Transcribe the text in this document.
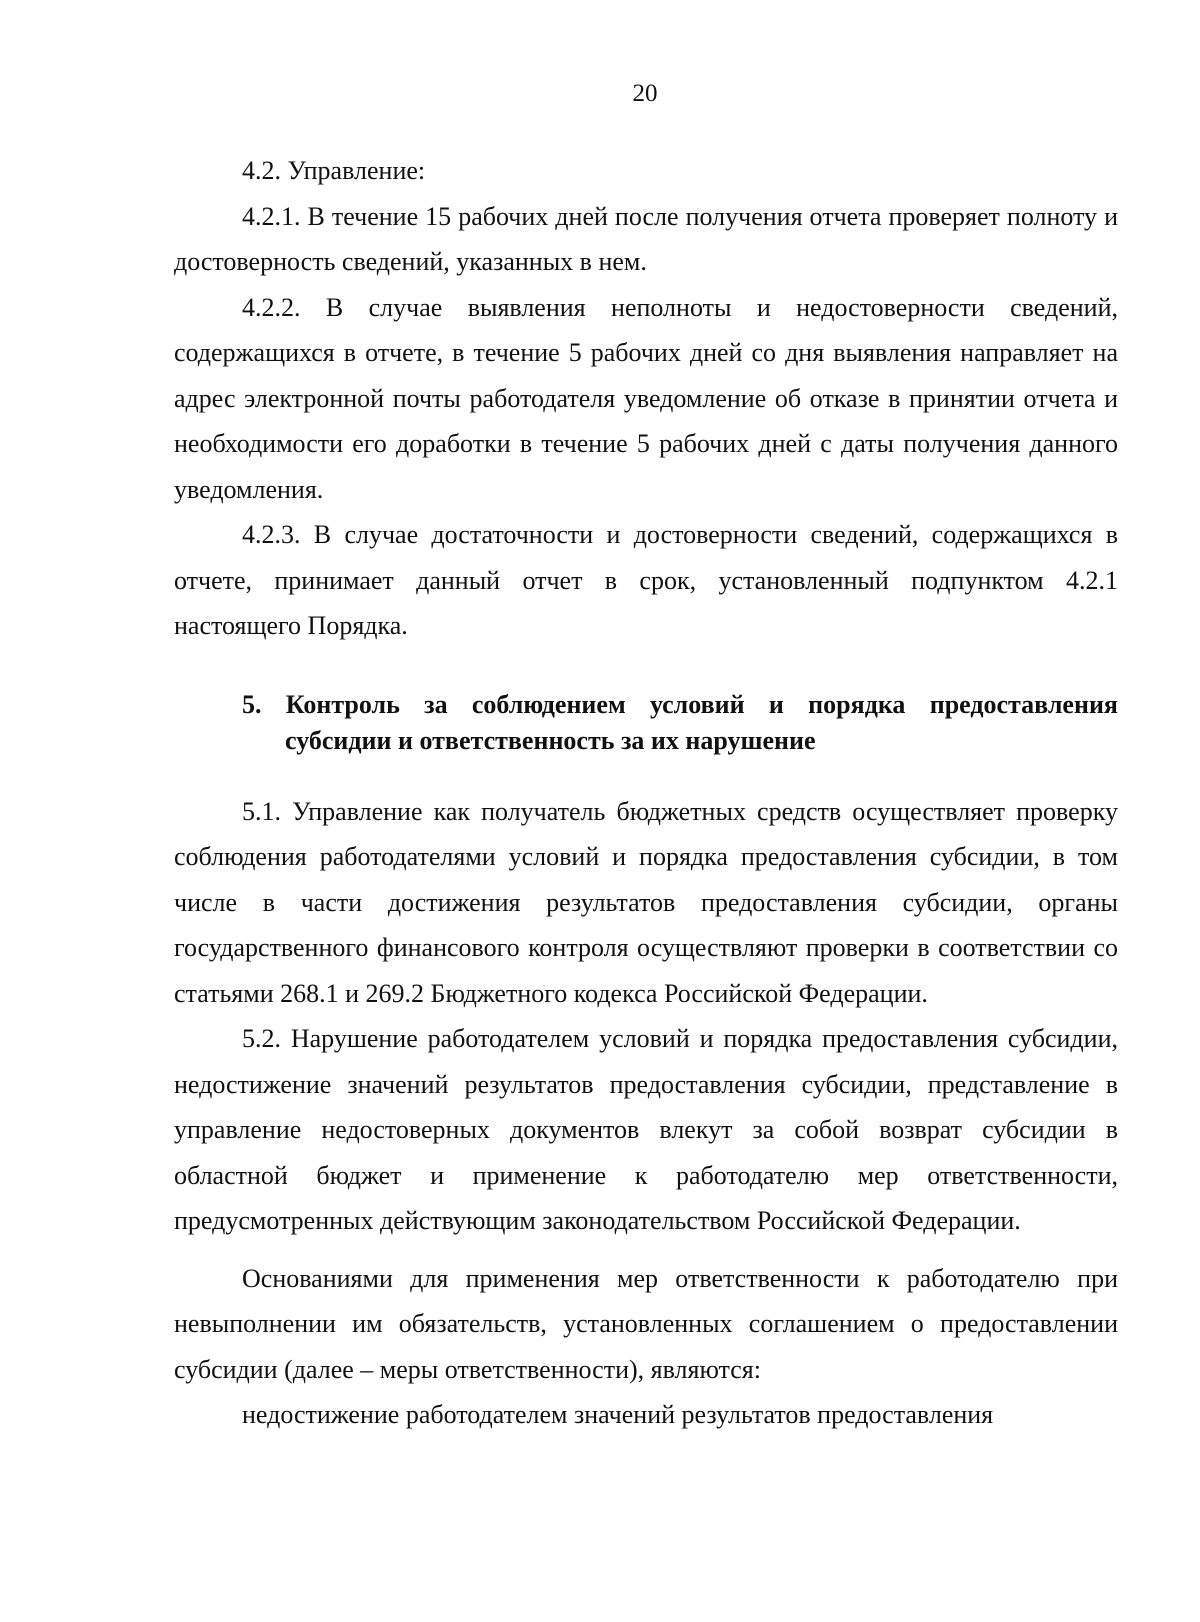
20

4.2. Управление:

4.2.1. В течение 15 рабочих дней после получения отчета проверяет полноту и достоверность сведений, указанных в нем.

4.2.2. В случае выявления неполноты и недостоверности сведений, содержащихся в отчете, в течение 5 рабочих дней со дня выявления направляет на адрес электронной почты работодателя уведомление об отказе в принятии отчета и необходимости его доработки в течение 5 рабочих дней с даты получения данного уведомления.

4.2.3. В случае достаточности и достоверности сведений, содержащихся в отчете, принимает данный отчет в срок, установленный подпунктом 4.2.1 настоящего Порядка.

5. Контроль за соблюдением условий и порядка предоставления
субсидии и ответственность за их нарушение

5.1. Управление как получатель бюджетных средств осуществляет проверку соблюдения работодателями условий и порядка предоставления субсидии, в том числе в части достижения результатов предоставления субсидии, органы государственного финансового контроля осуществляют проверки в соответствии со статьями 268.1 и 269.2 Бюджетного кодекса Российской Федерации.

5.2. Нарушение работодателем условий и порядка предоставления субсидии, недостижение значений результатов предоставления субсидии, представление в управление недостоверных документов влекут за собой возврат субсидии в областной бюджет и применение к работодателю мер ответственности, предусмотренных действующим законодательством Российской Федерации.

Основаниями для применения мер ответственности к работодателю при невыполнении им обязательств, установленных соглашением о предоставлении субсидии (далее – меры ответственности), являются:

недостижение работодателем значений результатов предоставления
